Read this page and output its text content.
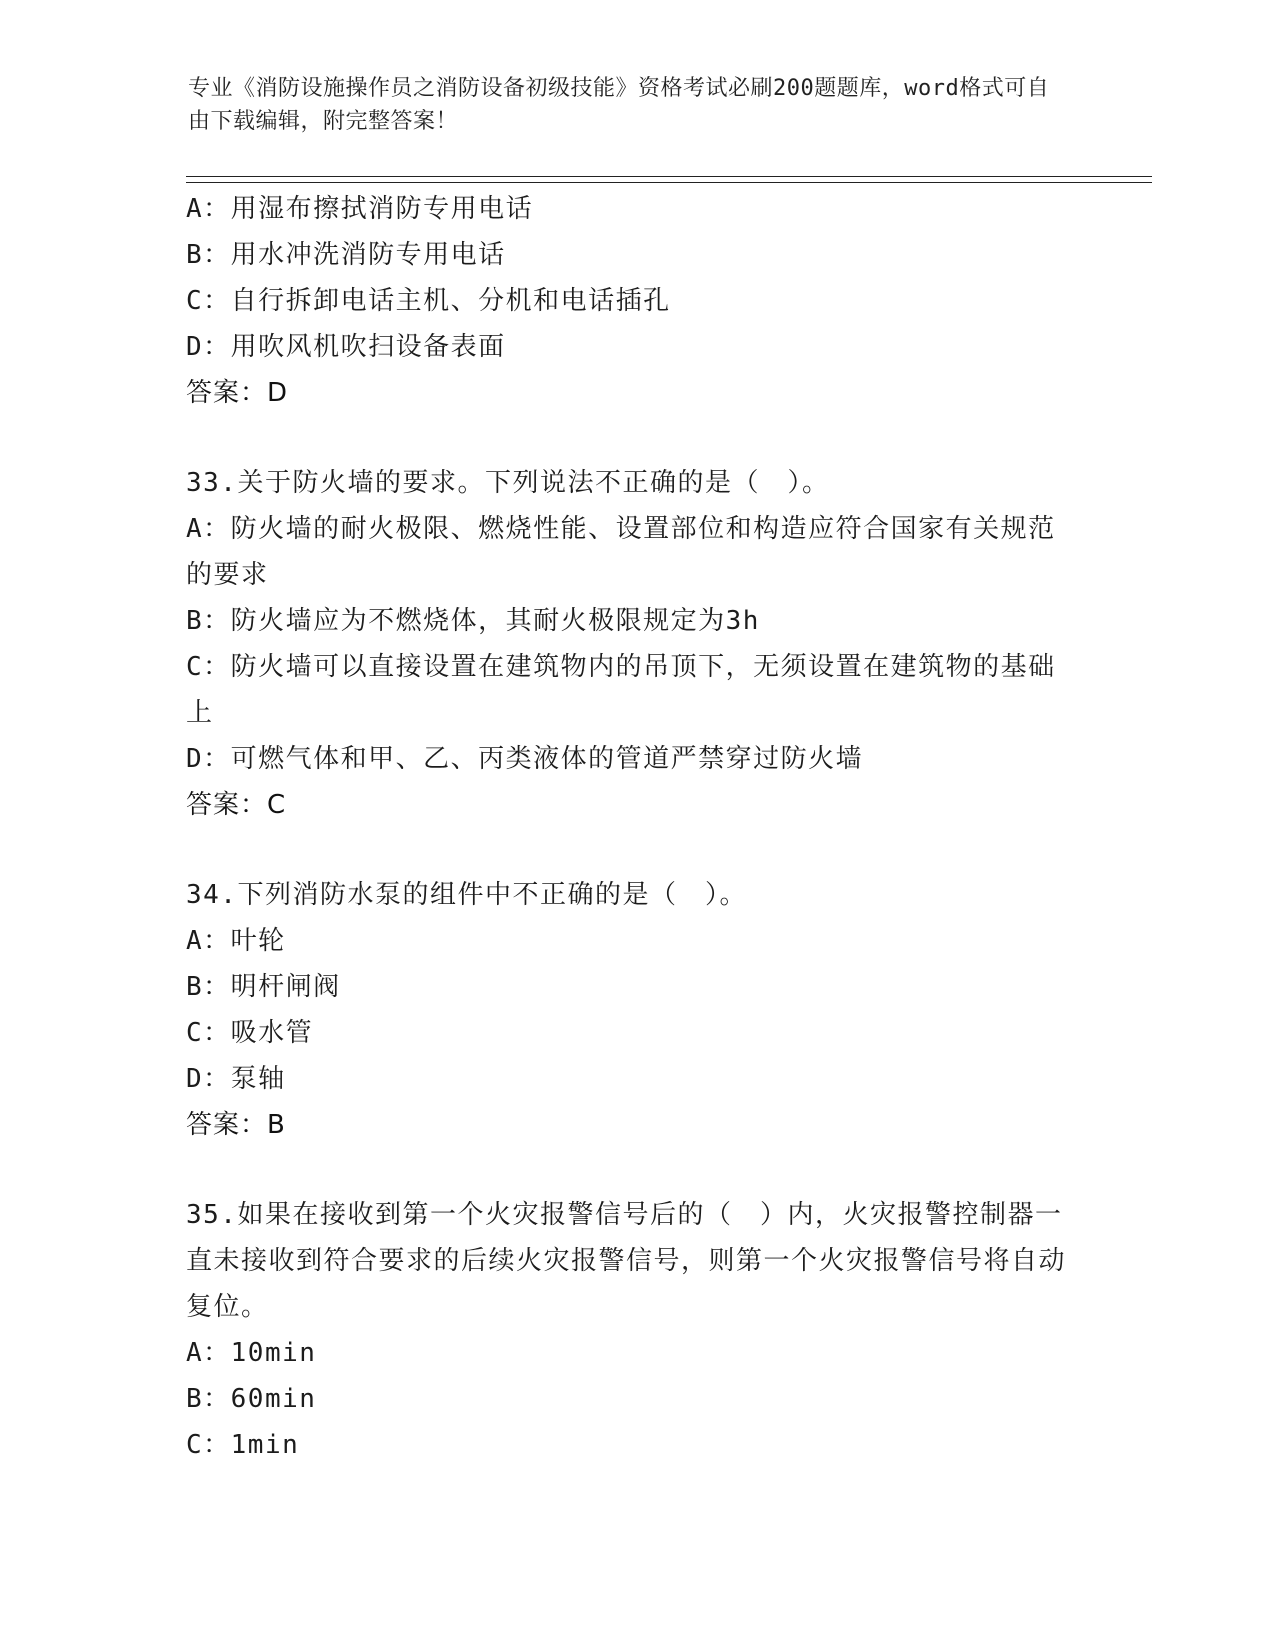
专业《消防设施操作员之消防设备初级技能》资格考试必刷200题题库，word格式可自由下载编辑，附完整答案！
A：用湿布擦拭消防专用电话
B：用水冲洗消防专用电话
C：自行拆卸电话主机、分机和电话插孔
D：用吹风机吹扫设备表面
答案：D
33.关于防火墙的要求。下列说法不正确的是（　）。
A：防火墙的耐火极限、燃烧性能、设置部位和构造应符合国家有关规范的要求
B：防火墙应为不燃烧体，其耐火极限规定为3h
C：防火墙可以直接设置在建筑物内的吊顶下，无须设置在建筑物的基础上
D：可燃气体和甲、乙、丙类液体的管道严禁穿过防火墙
答案：C
34.下列消防水泵的组件中不正确的是（　）。
A：叶轮
B：明杆闸阀
C：吸水管
D：泵轴
答案：B
35.如果在接收到第一个火灾报警信号后的（　）内，火灾报警控制器一直未接收到符合要求的后续火灾报警信号，则第一个火灾报警信号将自动复位。
A：10min
B：60min
C：1min
